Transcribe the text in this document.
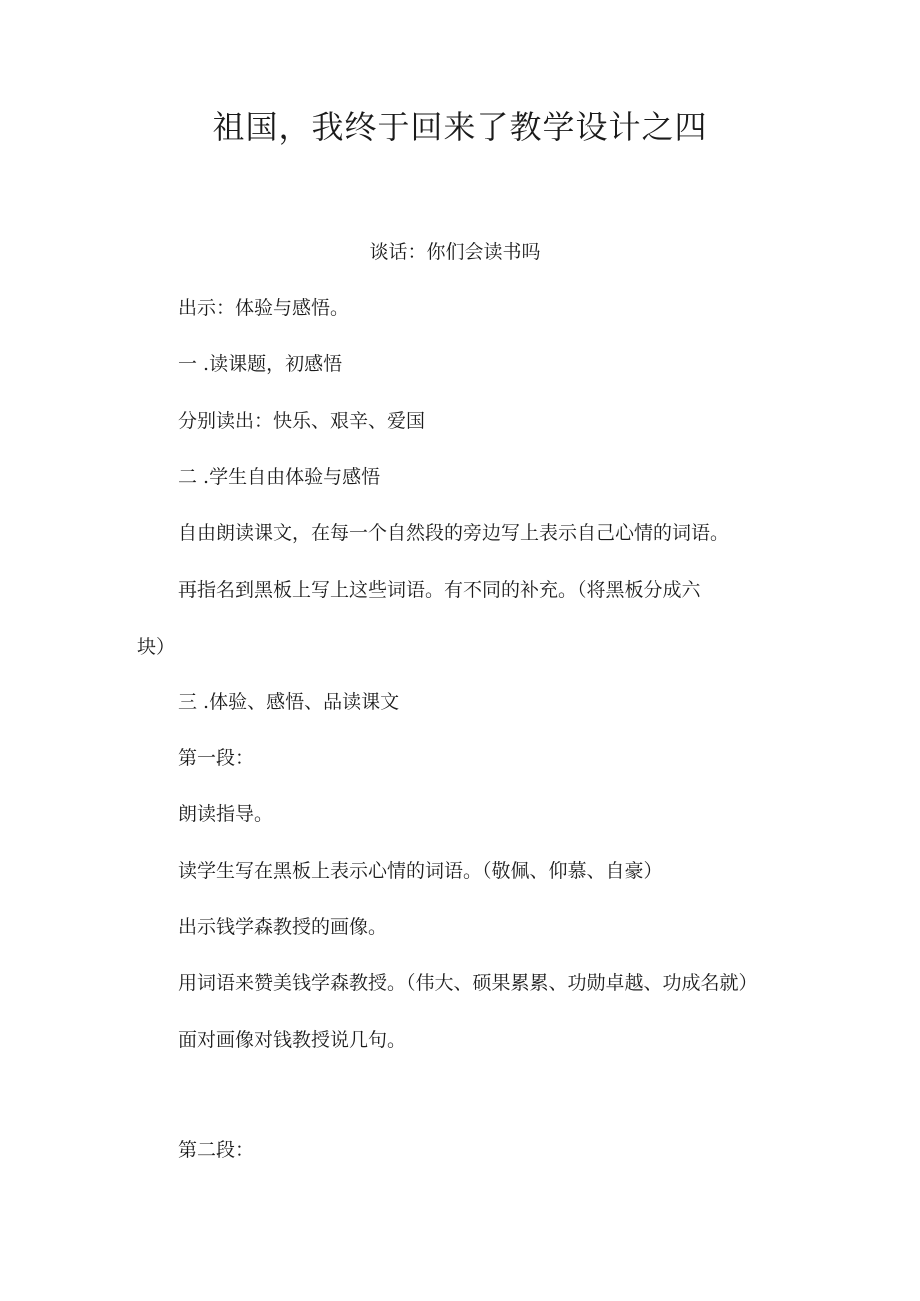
祖国，我终于回来了教学设计之四
谈话：你们会读书吗
出示：体验与感悟。
一 .读课题，初感悟
分别读出：快乐、艰辛、爱国
二 .学生自由体验与感悟
自由朗读课文，在每一个自然段的旁边写上表示自己心情的词语。
再指名到黑板上写上这些词语。有不同的补充。（将黑板分成六
块）
三 .体验、感悟、品读课文
第一段：
朗读指导。
读学生写在黑板上表示心情的词语。（敬佩、仰慕、自豪）
出示钱学森教授的画像。
用词语来赞美钱学森教授。（伟大、硕果累累、功勋卓越、功成名就）
面对画像对钱教授说几句。
第二段：
